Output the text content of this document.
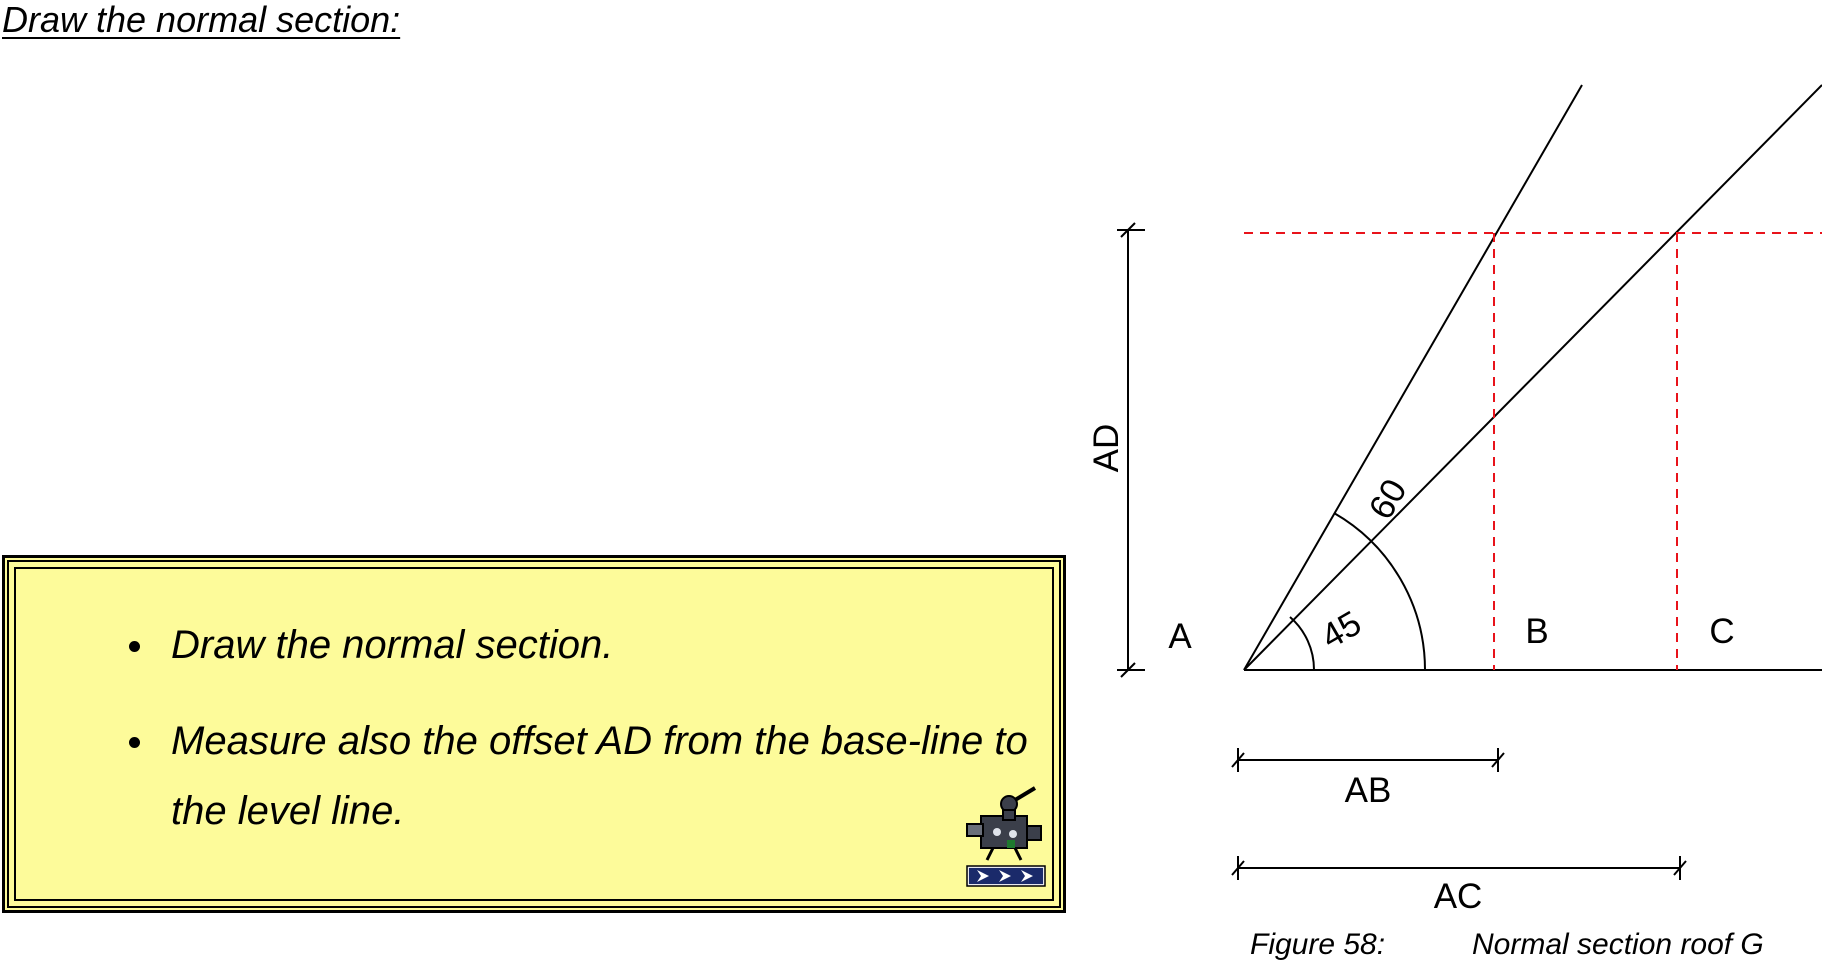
Draw the normal section:
Draw the normal section.
Measure also the offset AD from the base-line to the level line.
60
45
A	B	C
AD
AB
AC
Figure 58:	Normal section roof G
